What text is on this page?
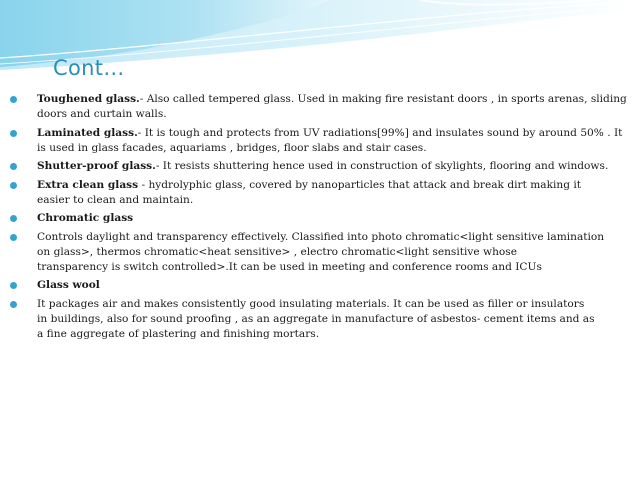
Cont…
Toughened glass.- Also called tempered glass. Used in making fire resistant doors , in sports arenas, sliding
doors and curtain walls.
Laminated glass.- It is tough and protects from UV radiations[99%] and insulates sound by around 50% . It
is used in glass facades, aquariams , bridges, floor slabs and stair cases.
Shutter-proof glass.- It resists shuttering hence used in construction of skylights, flooring and windows.
Extra clean glass - hydrolyphic glass, covered by nanoparticles that attack and break dirt making it
easier to clean and maintain.
Chromatic glass
Controls daylight and transparency effectively. Classified into photo chromatic<light sensitive lamination
on glass>, thermos chromatic<heat sensitive> , electro chromatic<light sensitive whose
transparency is switch controlled>.It can be used in meeting and conference rooms and ICUs
Glass wool
It packages air and makes consistently good insulating materials. It can be used as filler or insulators
in buildings, also for sound proofing , as an aggregate in manufacture of asbestos- cement items and as
a fine aggregate of plastering and finishing mortars.
